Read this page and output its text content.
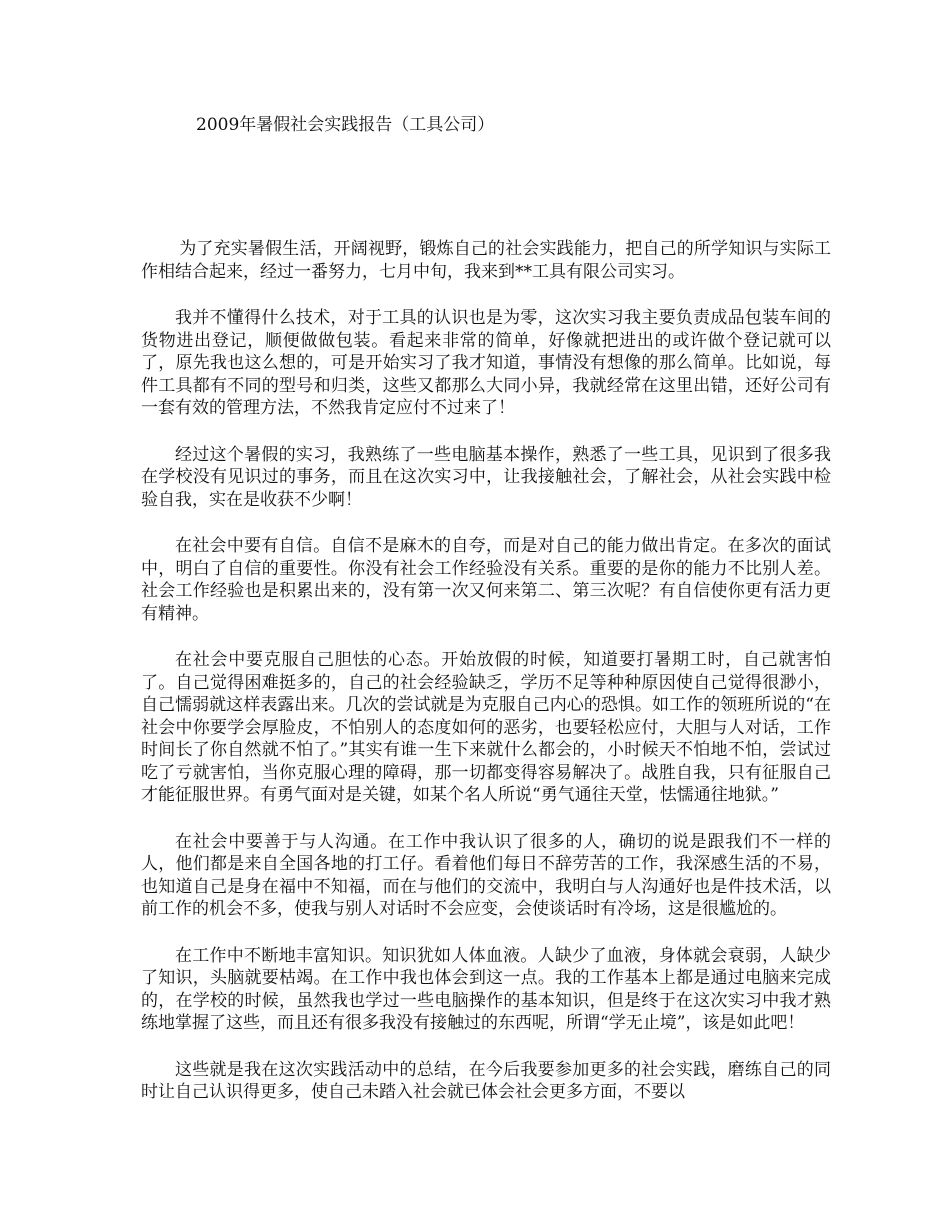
2009年暑假社会实践报告（工具公司）

为了充实暑假生活，开阔视野，锻炼自己的社会实践能力，把自己的所学知识与实际工作相结合起来，经过一番努力，七月中旬，我来到**工具有限公司实习。

我并不懂得什么技术，对于工具的认识也是为零，这次实习我主要负责成品包装车间的货物进出登记，顺便做做包装。看起来非常的简单，好像就把进出的或许做个登记就可以了，原先我也这么想的，可是开始实习了我才知道，事情没有想像的那么简单。比如说，每件工具都有不同的型号和归类，这些又都那么大同小异，我就经常在这里出错，还好公司有一套有效的管理方法，不然我肯定应付不过来了！

经过这个暑假的实习，我熟练了一些电脑基本操作，熟悉了一些工具，见识到了很多我在学校没有见识过的事务，而且在这次实习中，让我接触社会，了解社会，从社会实践中检验自我，实在是收获不少啊！

在社会中要有自信。自信不是麻木的自夸，而是对自己的能力做出肯定。在多次的面试中，明白了自信的重要性。你没有社会工作经验没有关系。重要的是你的能力不比别人差。社会工作经验也是积累出来的，没有第一次又何来第二、第三次呢？有自信使你更有活力更有精神。

在社会中要克服自己胆怯的心态。开始放假的时候，知道要打暑期工时，自己就害怕了。自己觉得困难挺多的，自己的社会经验缺乏，学历不足等种种原因使自己觉得很渺小，自己懦弱就这样表露出来。几次的尝试就是为克服自己内心的恐惧。如工作的领班所说的“在社会中你要学会厚脸皮，不怕别人的态度如何的恶劣，也要轻松应付，大胆与人对话，工作时间长了你自然就不怕了。”其实有谁一生下来就什么都会的，小时候天不怕地不怕，尝试过吃了亏就害怕，当你克服心理的障碍，那一切都变得容易解决了。战胜自我，只有征服自己才能征服世界。有勇气面对是关键，如某个名人所说“勇气通往天堂，怯懦通往地狱。”

在社会中要善于与人沟通。在工作中我认识了很多的人，确切的说是跟我们不一样的人，他们都是来自全国各地的打工仔。看着他们每日不辞劳苦的工作，我深感生活的不易，也知道自己是身在福中不知福，而在与他们的交流中，我明白与人沟通好也是件技术活，以前工作的机会不多，使我与别人对话时不会应变，会使谈话时有冷场，这是很尴尬的。

在工作中不断地丰富知识。知识犹如人体血液。人缺少了血液，身体就会衰弱，人缺少了知识，头脑就要枯竭。在工作中我也体会到这一点。我的工作基本上都是通过电脑来完成的，在学校的时候，虽然我也学过一些电脑操作的基本知识，但是终于在这次实习中我才熟练地掌握了这些，而且还有很多我没有接触过的东西呢，所谓“学无止境”，该是如此吧！

这些就是我在这次实践活动中的总结，在今后我要参加更多的社会实践，磨练自己的同时让自己认识得更多，使自己未踏入社会就已体会社会更多方面，不要以
